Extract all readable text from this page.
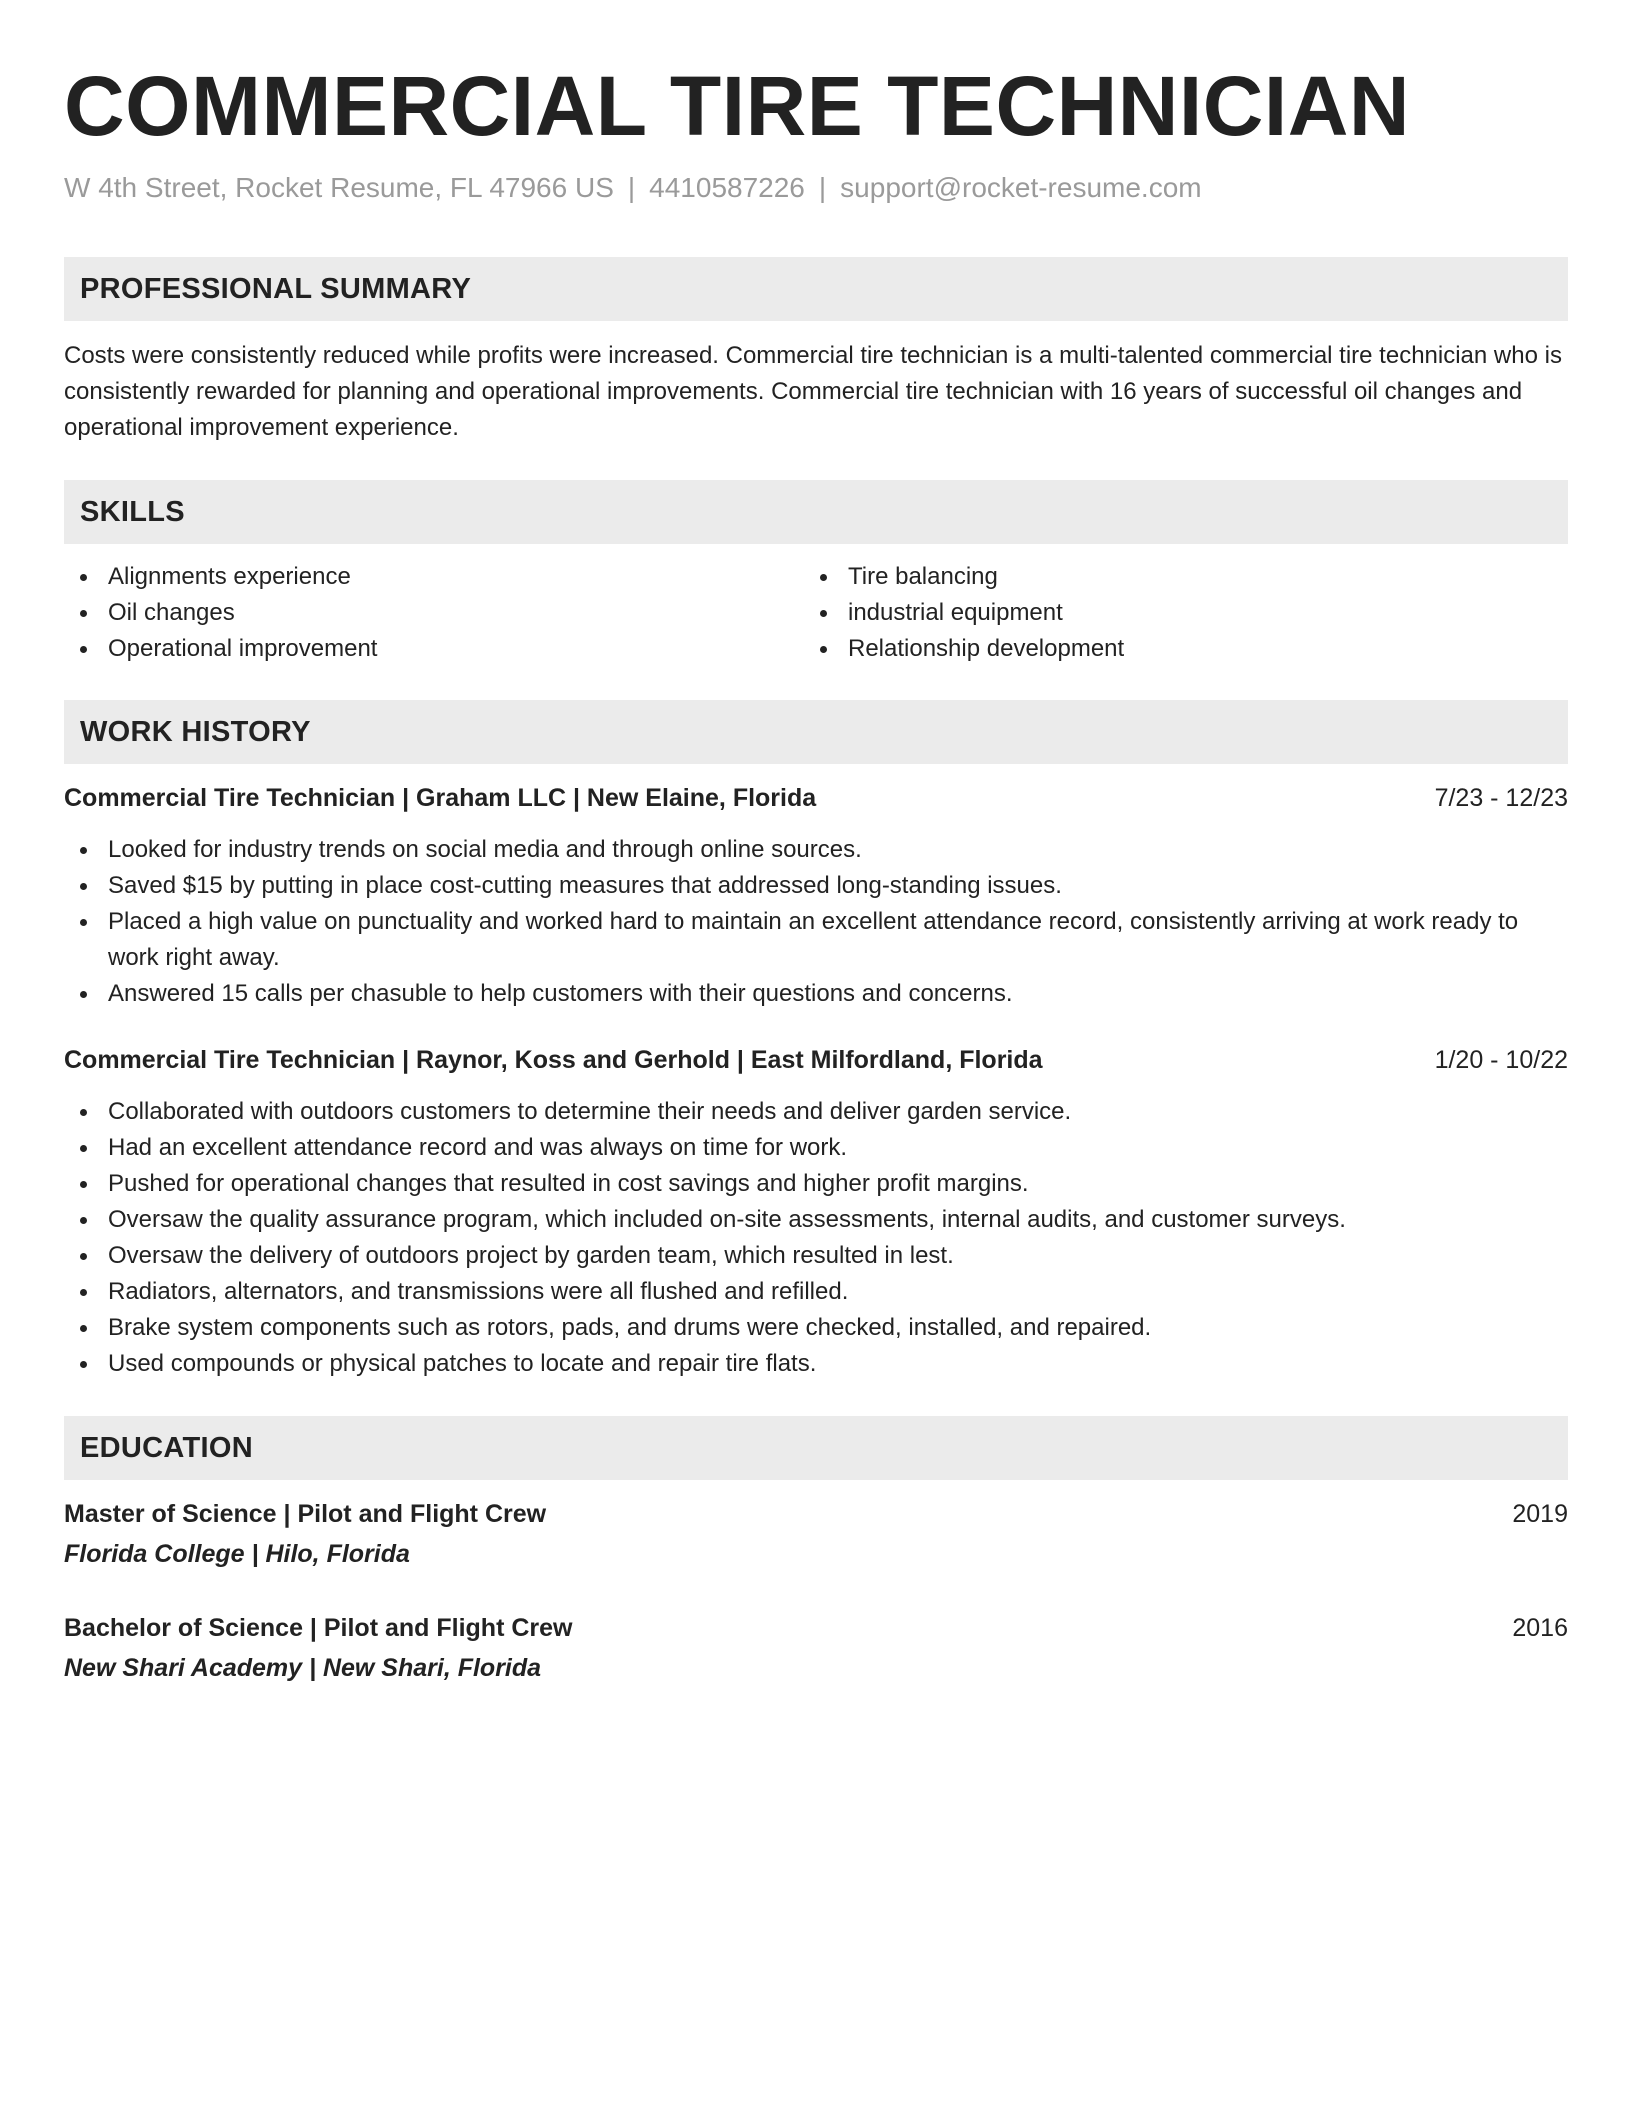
COMMERCIAL TIRE TECHNICIAN
W 4th Street, Rocket Resume, FL 47966 US | 4410587226 | support@rocket-resume.com
PROFESSIONAL SUMMARY
Costs were consistently reduced while profits were increased. Commercial tire technician is a multi-talented commercial tire technician who is consistently rewarded for planning and operational improvements. Commercial tire technician with 16 years of successful oil changes and operational improvement experience.
SKILLS
Alignments experience
Oil changes
Operational improvement
Tire balancing
industrial equipment
Relationship development
WORK HISTORY
Commercial Tire Technician | Graham LLC | New Elaine, Florida	7/23 - 12/23
Looked for industry trends on social media and through online sources.
Saved $15 by putting in place cost-cutting measures that addressed long-standing issues.
Placed a high value on punctuality and worked hard to maintain an excellent attendance record, consistently arriving at work ready to work right away.
Answered 15 calls per chasuble to help customers with their questions and concerns.
Commercial Tire Technician | Raynor, Koss and Gerhold | East Milfordland, Florida	1/20 - 10/22
Collaborated with outdoors customers to determine their needs and deliver garden service.
Had an excellent attendance record and was always on time for work.
Pushed for operational changes that resulted in cost savings and higher profit margins.
Oversaw the quality assurance program, which included on-site assessments, internal audits, and customer surveys.
Oversaw the delivery of outdoors project by garden team, which resulted in lest.
Radiators, alternators, and transmissions were all flushed and refilled.
Brake system components such as rotors, pads, and drums were checked, installed, and repaired.
Used compounds or physical patches to locate and repair tire flats.
EDUCATION
Master of Science | Pilot and Flight Crew	2019
Florida College | Hilo, Florida
Bachelor of Science | Pilot and Flight Crew	2016
New Shari Academy | New Shari, Florida
